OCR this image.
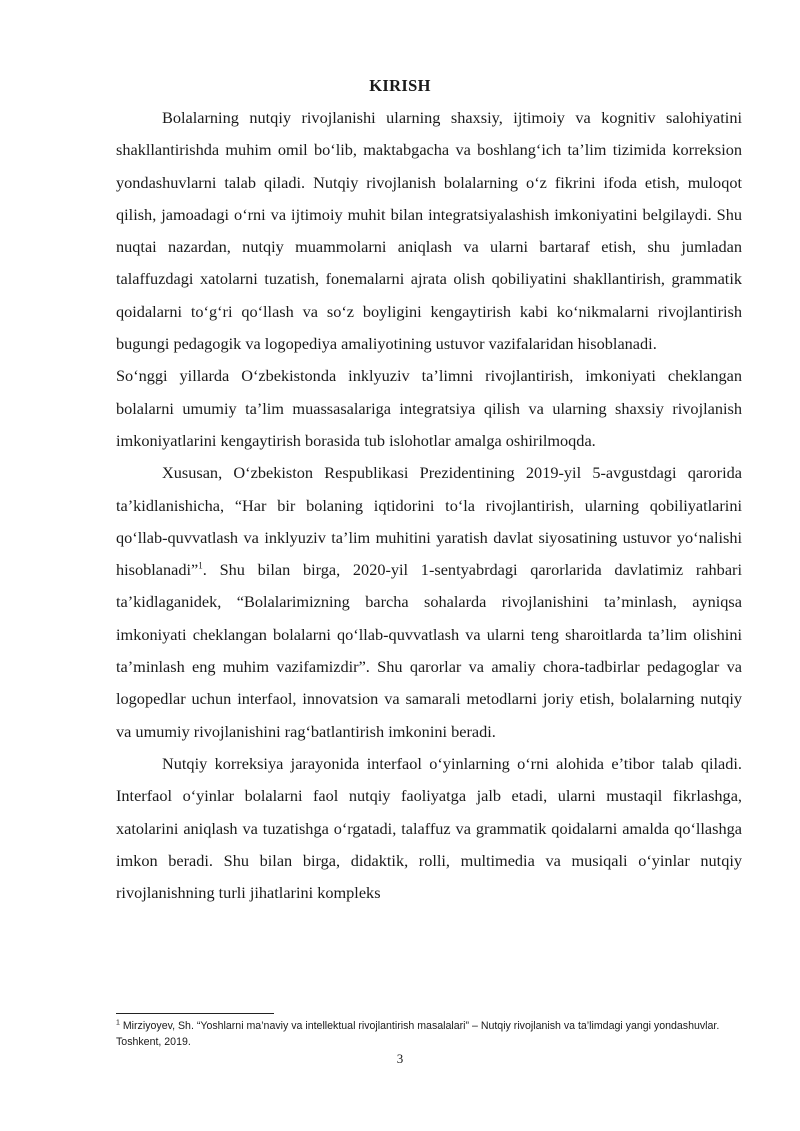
KIRISH

Bolalarning nutqiy rivojlanishi ularning shaxsiy, ijtimoiy va kognitiv salohiyatini shakllantirishda muhim omil bo‘lib, maktabgacha va boshlang‘ich ta’lim tizimida korreksion yondashuvlarni talab qiladi. Nutqiy rivojlanish bolalarning o‘z fikrini ifoda etish, muloqot qilish, jamoadagi o‘rni va ijtimoiy muhit bilan integratsiyalashish imkoniyatini belgilaydi. Shu nuqtai nazardan, nutqiy muammolarni aniqlash va ularni bartaraf etish, shu jumladan talaffuzdagi xatolarni tuzatish, fonemalarni ajrata olish qobiliyatini shakllantirish, grammatik qoidalarni to‘g‘ri qo‘llash va so‘z boyligini kengaytirish kabi ko‘nikmalarni rivojlantirish bugungi pedagogik va logopediya amaliyotining ustuvor vazifalaridan hisoblanadi.

So‘nggi yillarda O‘zbekistonda inklyuziv ta’limni rivojlantirish, imkoniyati cheklangan bolalarni umumiy ta’lim muassasalariga integratsiya qilish va ularning shaxsiy rivojlanish imkoniyatlarini kengaytirish borasida tub islohotlar amalga oshirilmoqda.

Xususan, O‘zbekiston Respublikasi Prezidentining 2019-yil 5-avgustdagi qarorida ta’kidlanishicha, “Har bir bolaning iqtidorini to‘la rivojlantirish, ularning qobiliyatlarini qo‘llab-quvvatlash va inklyuziv ta’lim muhitini yaratish davlat siyosatining ustuvor yo‘nalishi hisoblanadi”$^1$. Shu bilan birga, 2020-yil 1-sentyabrdagi qarorlarida davlatimiz rahbari ta’kidlaganidek, “Bolalarimizning barcha sohalarda rivojlanishini ta’minlash, ayniqsa imkoniyati cheklangan bolalarni qo‘llab-quvvatlash va ularni teng sharoitlarda ta’lim olishini ta’minlash eng muhim vazifamizdir”. Shu qarorlar va amaliy chora-tadbirlar pedagoglar va logopedlar uchun interfaol, innovatsion va samarali metodlarni joriy etish, bolalarning nutqiy va umumiy rivojlanishini rag‘batlantirish imkonini beradi.

Nutqiy korreksiya jarayonida interfaol o‘yinlarning o‘rni alohida e’tibor talab qiladi. Interfaol o‘yinlar bolalarni faol nutqiy faoliyatga jalb etadi, ularni mustaqil fikrlashga, xatolarini aniqlash va tuzatishga o‘rgatadi, talaffuz va grammatik qoidalarni amalda qo‘llashga imkon beradi. Shu bilan birga, didaktik, rolli, multimedia va musiqali o‘yinlar nutqiy rivojlanishning turli jihatlarini kompleks

$^1$ Mirziyoyev, Sh. “Yoshlarni ma’naviy va intellektual rivojlantirish masalalari” – Nutqiy rivojlanish va ta’limdagi yangi yondashuvlar. Toshkent, 2019.
3
